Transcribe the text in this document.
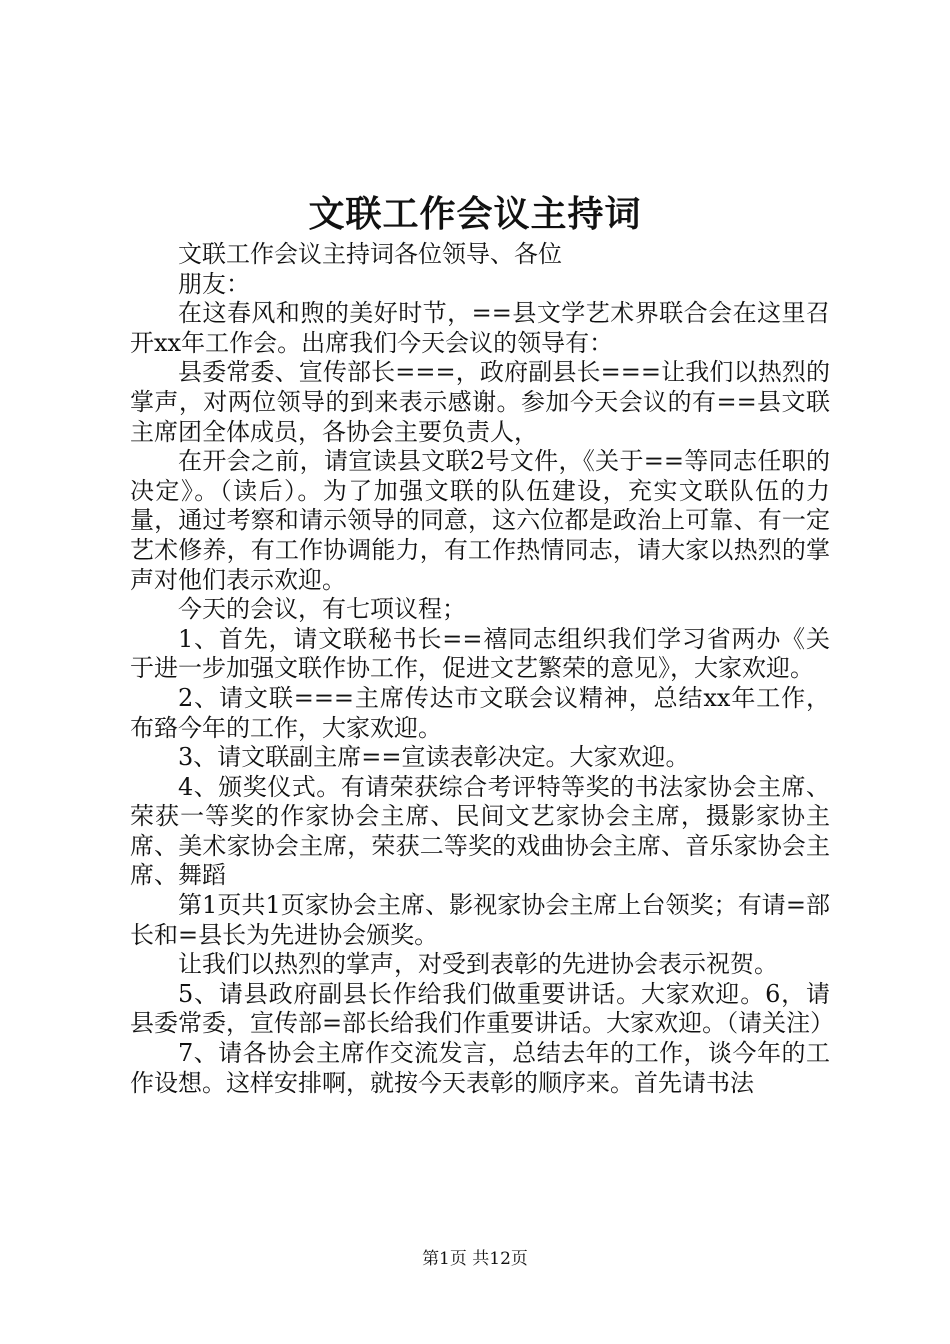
文联工作会议主持词

文联工作会议主持词各位领导、各位

朋友：

在这春风和煦的美好时节，==县文学艺术界联合会在这里召开xx年工作会。出席我们今天会议的领导有：

县委常委、宣传部长===，政府副县长===让我们以热烈的掌声，对两位领导的到来表示感谢。参加今天会议的有==县文联主席团全体成员，各协会主要负责人，

在开会之前，请宣读县文联2号文件，《关于==等同志任职的决定》。（读后）。为了加强文联的队伍建设，充实文联队伍的力量，通过考察和请示领导的同意，这六位都是政治上可靠、有一定艺术修养，有工作协调能力，有工作热情同志，请大家以热烈的掌声对他们表示欢迎。

今天的会议，有七项议程；

1、首先，请文联秘书长==禧同志组织我们学习省两办《关于进一步加强文联作协工作，促进文艺繁荣的意见》，大家欢迎。

2、请文联===主席传达市文联会议精神，总结xx年工作，布臵今年的工作，大家欢迎。

3、请文联副主席==宣读表彰决定。大家欢迎。

4、颁奖仪式。有请荣获综合考评特等奖的书法家协会主席、荣获一等奖的作家协会主席、民间文艺家协会主席，摄影家协主席、美术家协会主席，荣获二等奖的戏曲协会主席、音乐家协会主席、舞蹈

第1页共1页家协会主席、影视家协会主席上台领奖；有请=部长和=县长为先进协会颁奖。

让我们以热烈的掌声，对受到表彰的先进协会表示祝贺。

5、请县政府副县长作给我们做重要讲话。大家欢迎。6，请县委常委，宣传部=部长给我们作重要讲话。大家欢迎。（请关注）

7、请各协会主席作交流发言，总结去年的工作，谈今年的工作设想。这样安排啊，就按今天表彰的顺序来。首先请书法

第1页 共12页
